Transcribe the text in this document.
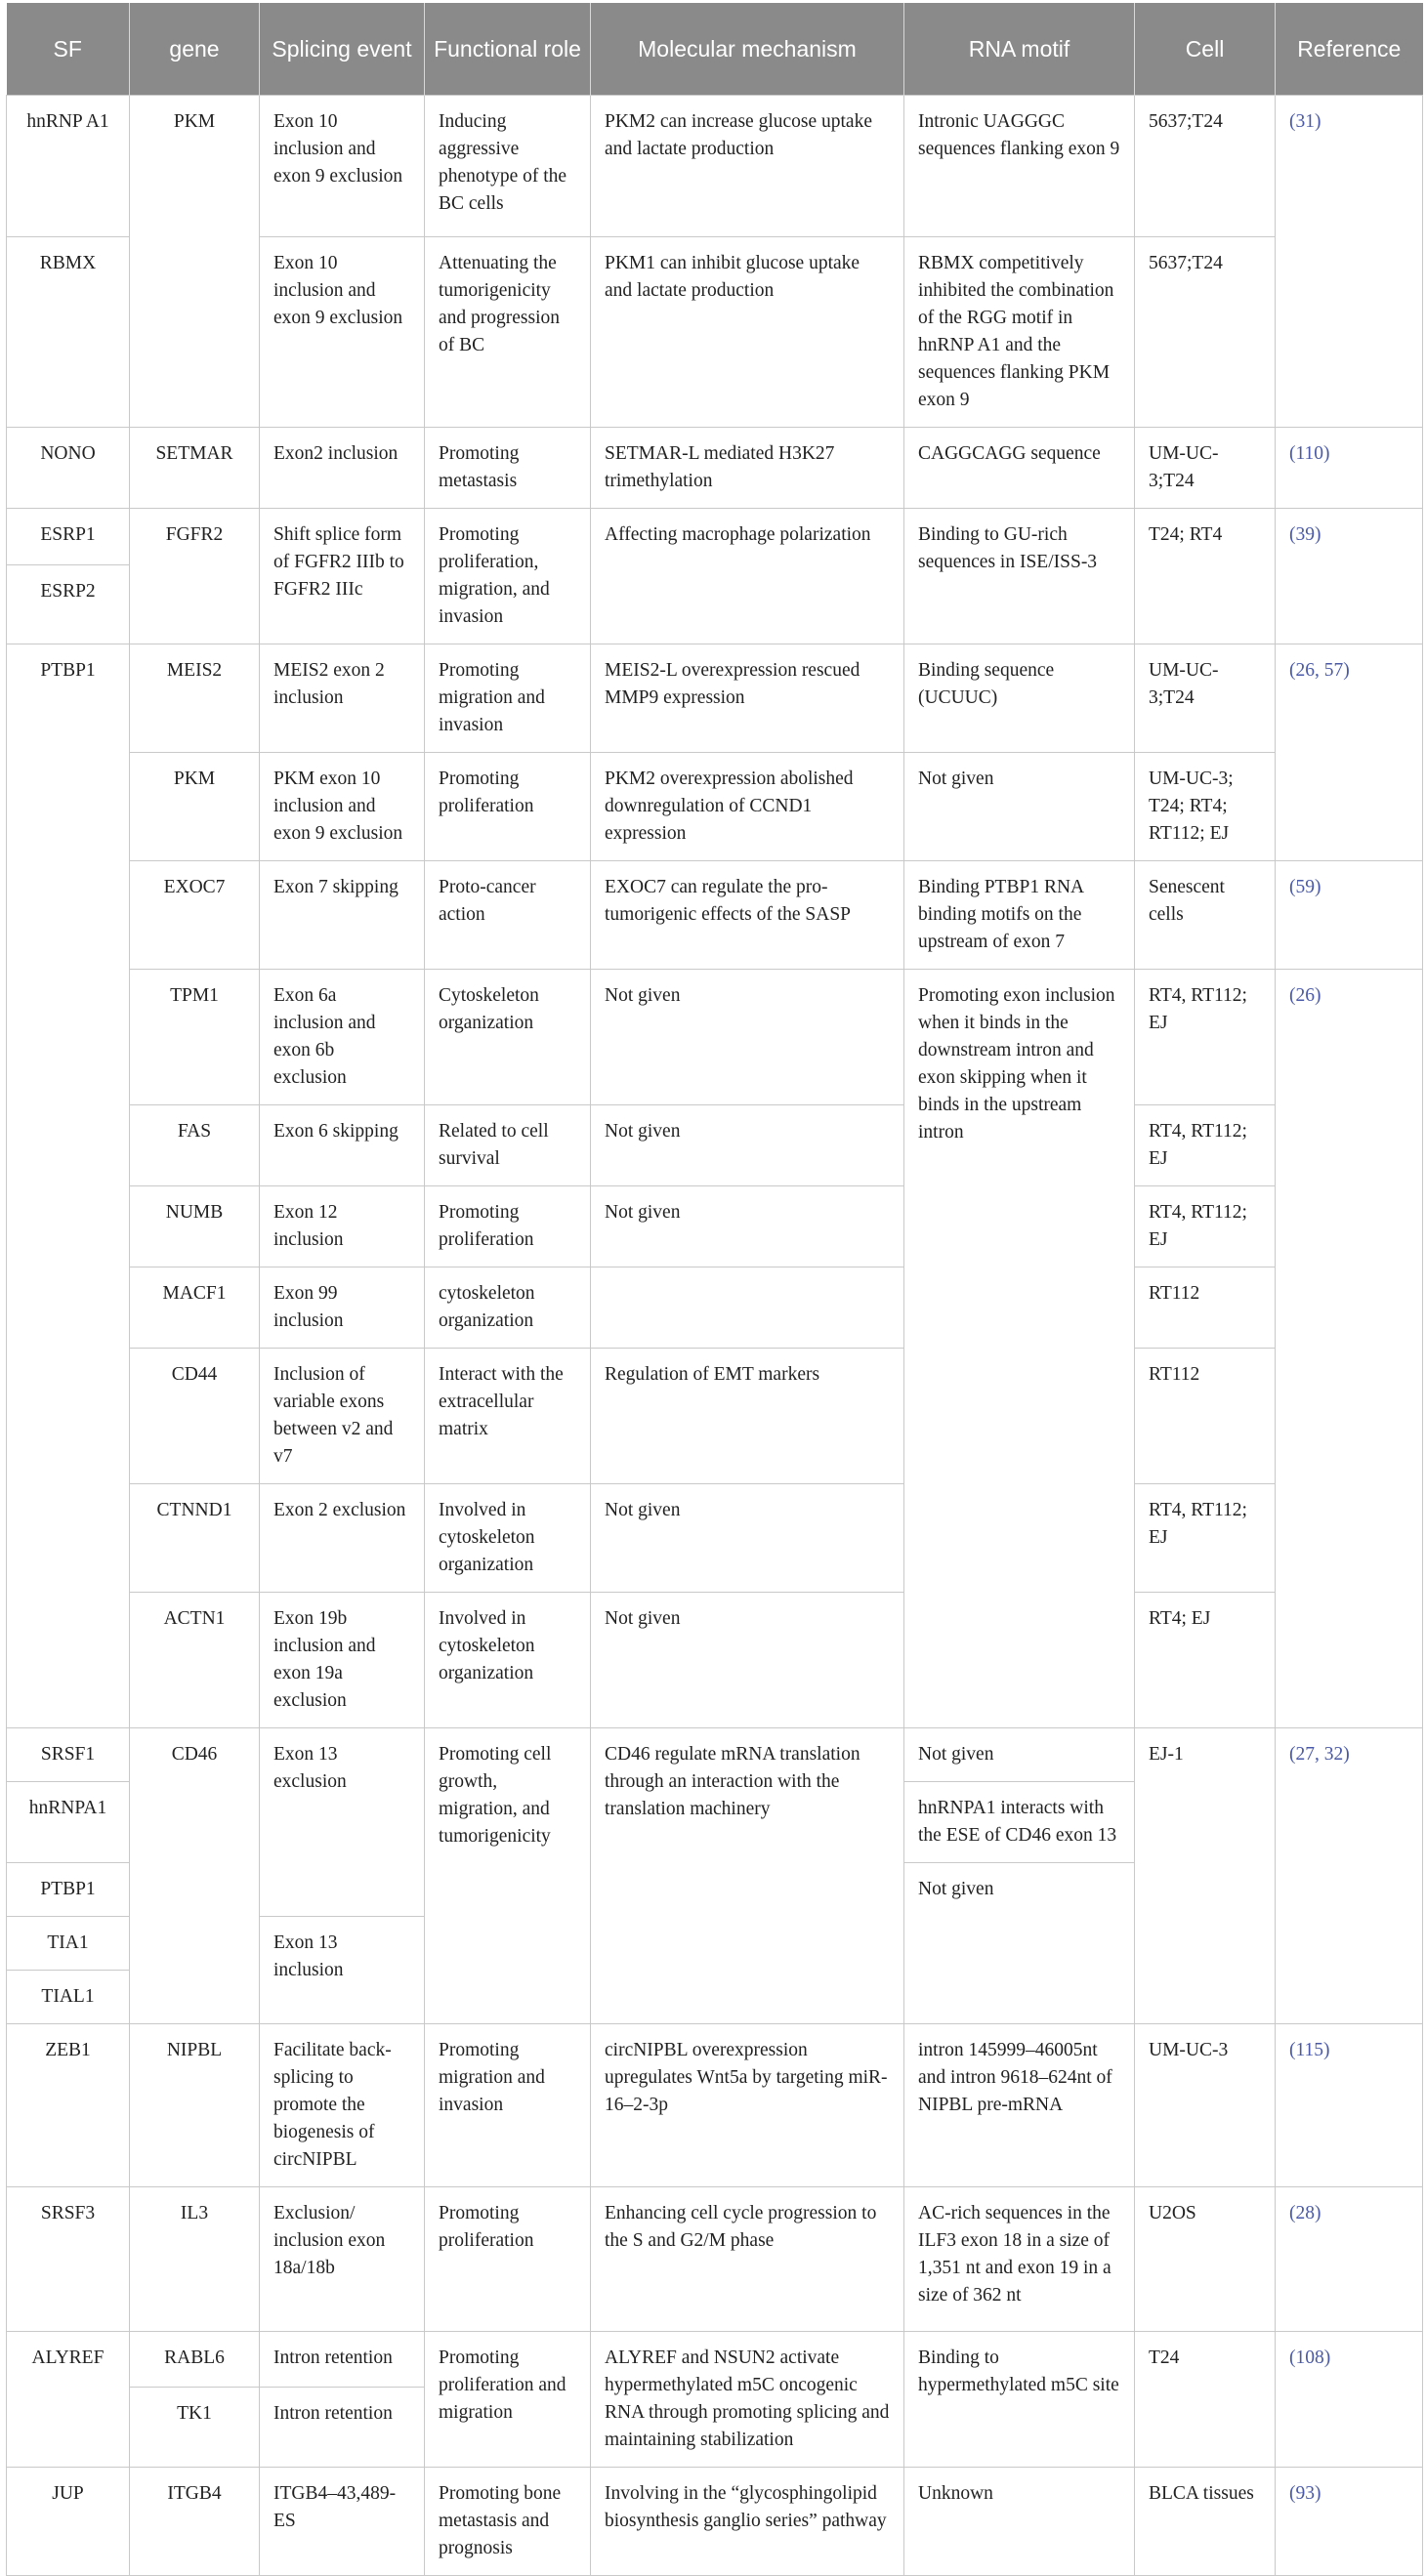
SF	gene	Splicing event	Functional role	Molecular mechanism	RNA motif	Cell	Reference
hnRNP A1	PKM	Exon 10 inclusion and exon 9 exclusion	Inducing aggressive phenotype of the BC cells	PKM2 can increase glucose uptake and lactate production	Intronic UAGGGC sequences flanking exon 9	5637;T24	(31)
RBMX		Exon 10 inclusion and exon 9 exclusion	Attenuating the tumorigenicity and progression of BC	PKM1 can inhibit glucose uptake and lactate production	RBMX competitively inhibited the combination of the RGG motif in hnRNP A1 and the sequences flanking PKM exon 9	5637;T24	
NONO	SETMAR	Exon2 inclusion	Promoting metastasis	SETMAR-L mediated H3K27 trimethylation	CAGGCAGG sequence	UM-UC-3;T24	(110)
ESRP1	FGFR2	Shift splice form of FGFR2 IIIb to FGFR2 IIIc	Promoting proliferation, migration, and invasion	Affecting macrophage polarization	Binding to GU-rich sequences in ISE/ISS-3	T24; RT4	(39)
ESRP2							
PTBP1	MEIS2	MEIS2 exon 2 inclusion	Promoting migration and invasion	MEIS2-L overexpression rescued MMP9 expression	Binding sequence (UCUUC)	UM-UC-3;T24	(26, 57)
	PKM	PKM exon 10 inclusion and exon 9 exclusion	Promoting proliferation	PKM2 overexpression abolished downregulation of CCND1 expression	Not given	UM-UC-3; T24; RT4; RT112; EJ	
	EXOC7	Exon 7 skipping	Proto-cancer action	EXOC7 can regulate the pro-tumorigenic effects of the SASP	Binding PTBP1 RNA binding motifs on the upstream of exon 7	Senescent cells	(59)
	TPM1	Exon 6a inclusion and exon 6b exclusion	Cytoskeleton organization	Not given	Promoting exon inclusion when it binds in the downstream intron and exon skipping when it binds in the upstream intron	RT4, RT112; EJ	(26)
	FAS	Exon 6 skipping	Related to cell survival	Not given		RT4, RT112; EJ	
	NUMB	Exon 12 inclusion	Promoting proliferation	Not given		RT4, RT112; EJ	
	MACF1	Exon 99 inclusion	cytoskeleton organization			RT112	
	CD44	Inclusion of variable exons between v2 and v7	Interact with the extracellular matrix	Regulation of EMT markers		RT112	
	CTNND1	Exon 2 exclusion	Involved in cytoskeleton organization	Not given		RT4, RT112; EJ	
	ACTN1	Exon 19b inclusion and exon 19a exclusion	Involved in cytoskeleton organization	Not given		RT4; EJ	
SRSF1	CD46	Exon 13 exclusion	Promoting cell growth, migration, and tumorigenicity	CD46 regulate mRNA translation through an interaction with the translation machinery	Not given	EJ-1	(27, 32)
hnRNPA1					hnRNPA1 interacts with the ESE of CD46 exon 13		
PTBP1					Not given		
TIA1		Exon 13 inclusion					
TIAL1							
ZEB1	NIPBL	Facilitate back-splicing to promote the biogenesis of circNIPBL	Promoting migration and invasion	circNIPBL overexpression upregulates Wnt5a by targeting miR-16–2-3p	intron 145999–46005nt and intron 9618–624nt of NIPBL pre-mRNA	UM-UC-3	(115)
SRSF3	IL3	Exclusion/ inclusion exon 18a/18b	Promoting proliferation	Enhancing cell cycle progression to the S and G2/M phase	AC-rich sequences in the ILF3 exon 18 in a size of 1,351 nt and exon 19 in a size of 362 nt	U2OS	(28)
ALYREF	RABL6	Intron retention	Promoting proliferation and migration	ALYREF and NSUN2 activate hypermethylated m5C oncogenic RNA through promoting splicing and maintaining stabilization	Binding to hypermethylated m5C site	T24	(108)
	TK1	Intron retention					
JUP	ITGB4	ITGB4–43,489-ES	Promoting bone metastasis and prognosis	Involving in the “glycosphingolipid biosynthesis ganglio series” pathway	Unknown	BLCA tissues	(93)
